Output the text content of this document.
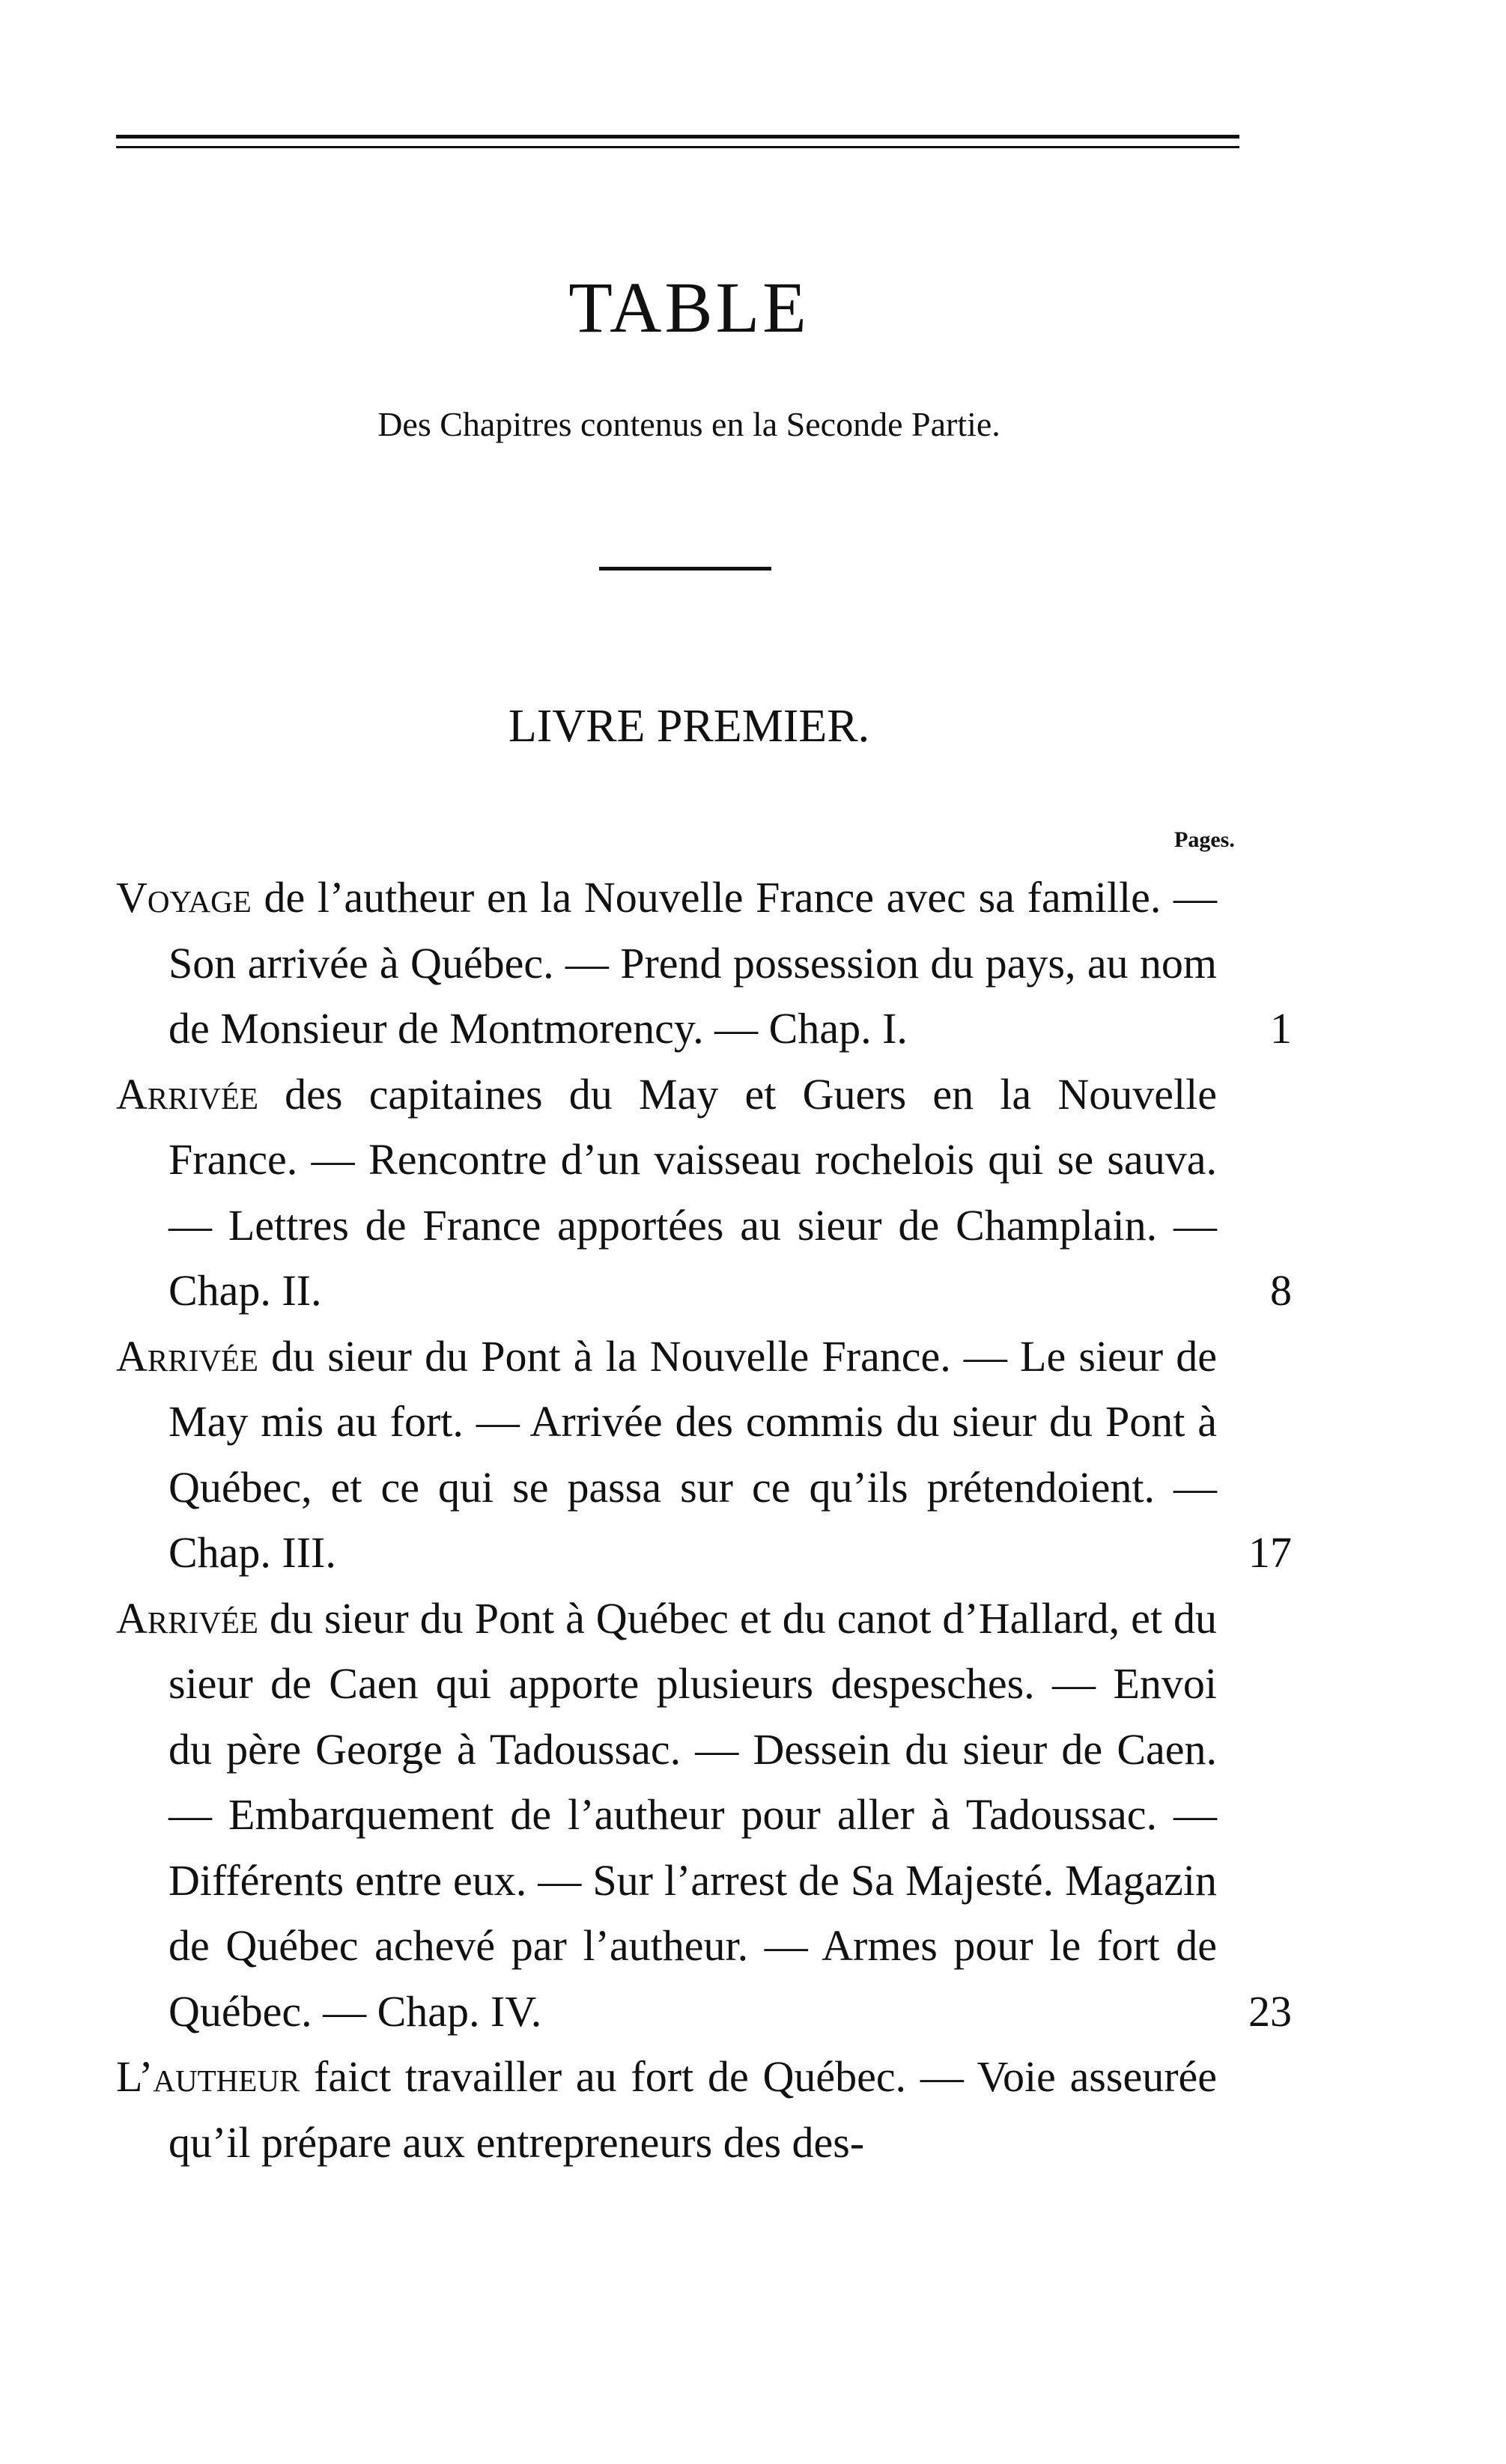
TABLE
Des Chapitres contenus en la Seconde Partie.
LIVRE PREMIER.
Pages.
Voyage de l’autheur en la Nouvelle France avec sa famille. — Son arrivée à Québec. — Prend possession du pays, au nom de Monsieur de Montmorency. — Chap. I.	1
Arrivée des capitaines du May et Guers en la Nouvelle France. — Rencontre d’un vaisseau rochelois qui se sauva. — Lettres de France apportées au sieur de Champlain. — Chap. II.	8
Arrivée du sieur du Pont à la Nouvelle France. — Le sieur de May mis au fort. — Arrivée des commis du sieur du Pont à Québec, et ce qui se passa sur ce qu’ils prétendoient. — Chap. III.	17
Arrivée du sieur du Pont à Québec et du canot d’Hallard, et du sieur de Caen qui apporte plusieurs despesches. — Envoi du père George à Tadoussac. — Dessein du sieur de Caen. — Embarquement de l’autheur pour aller à Tadoussac. — Différents entre eux. — Sur l’arrest de Sa Majesté. Magazin de Québec achevé par l’autheur. — Armes pour le fort de Québec. — Chap. IV.	23
L’autheur faict travailler au fort de Québec. — Voie asseurée qu’il prépare aux entrepreneurs des des-
